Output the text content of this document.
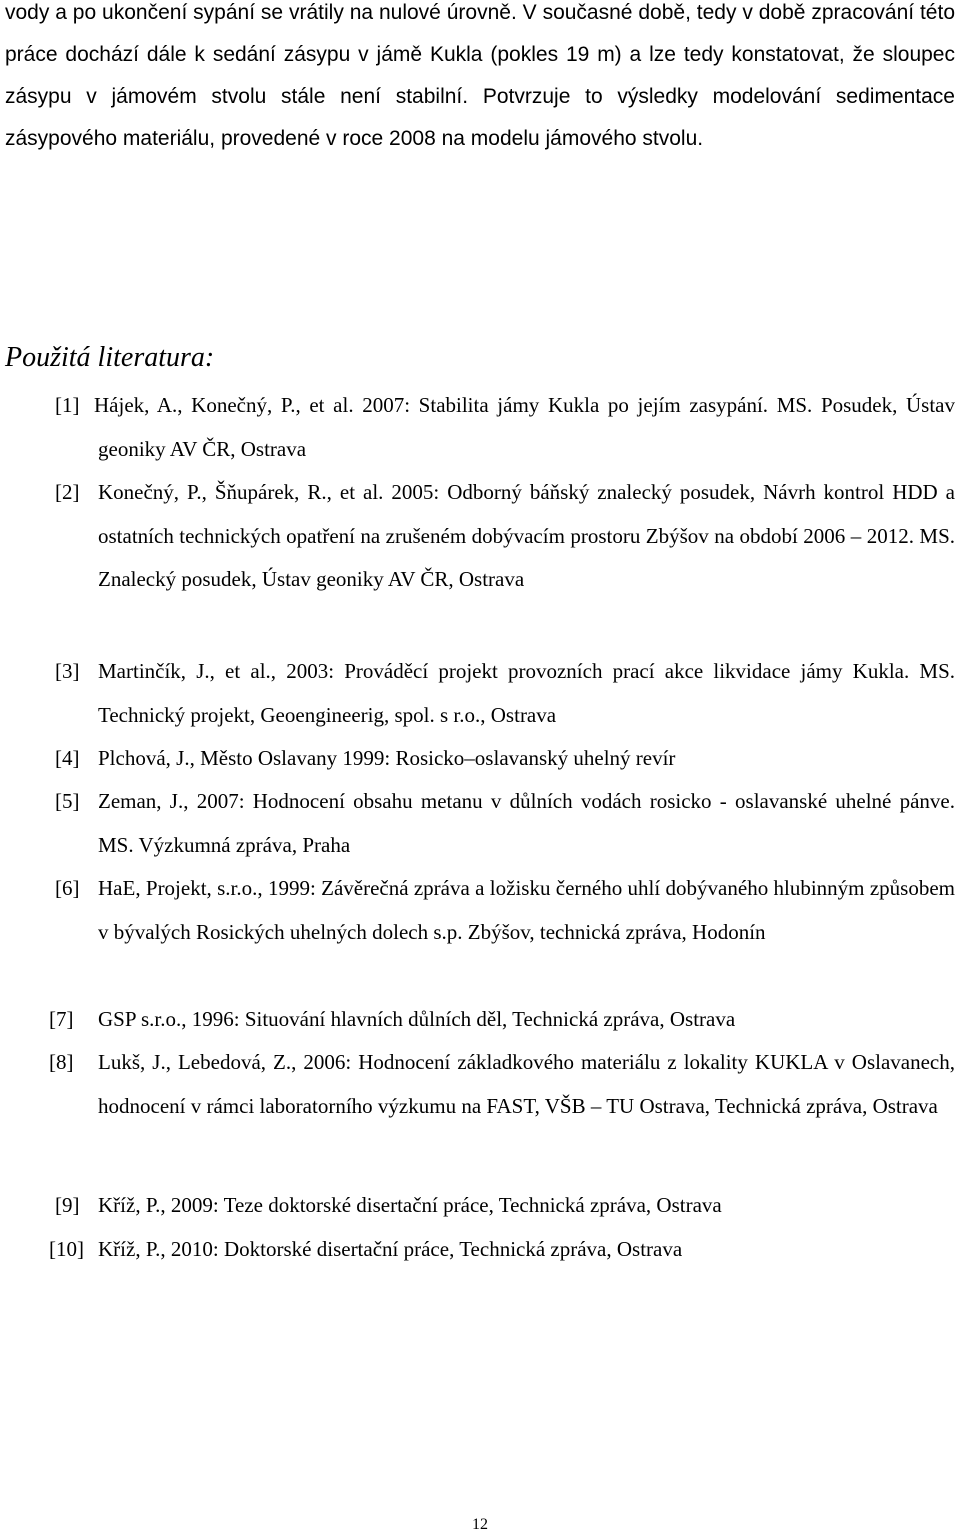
vody a po ukončení sypání se vrátily na nulové úrovně. V současné době, tedy v době zpracování této práce dochází dále k sedání zásypu v jámě Kukla (pokles 19 m) a lze tedy konstatovat, že sloupec zásypu v jámovém stvolu stále není stabilní. Potvrzuje to výsledky modelování sedimentace zásypového materiálu, provedené v roce 2008 na modelu jámového stvolu.

Použitá literatura:
[1] Hájek, A., Konečný, P., et al. 2007: Stabilita jámy Kukla po jejím zasypání. MS. Posudek, Ústav geoniky AV ČR, Ostrava
[2] Konečný, P., Šňupárek, R., et al. 2005: Odborný báňský znalecký posudek, Návrh kontrol HDD a ostatních technických opatření na zrušeném dobývacím prostoru Zbýšov na období 2006 – 2012. MS. Znalecký posudek, Ústav geoniky AV ČR, Ostrava
[3] Martinčík, J., et al., 2003: Prováděcí projekt provozních prací akce likvidace jámy Kukla. MS. Technický projekt, Geoengineerig, spol. s r.o., Ostrava
[4] Plchová, J., Město Oslavany 1999: Rosicko–oslavanský uhelný revír
[5] Zeman, J., 2007: Hodnocení obsahu metanu v důlních vodách rosicko - oslavanské uhelné pánve. MS. Výzkumná zpráva, Praha
[6] HaE, Projekt, s.r.o., 1999: Závěrečná zpráva a ložisku černého uhlí dobývaného hlubinným způsobem v bývalých Rosických uhelných dolech s.p. Zbýšov, technická zpráva, Hodonín
[7] GSP s.r.o., 1996: Situování hlavních důlních děl, Technická zpráva, Ostrava
[8] Lukš, J., Lebedová, Z., 2006: Hodnocení základkového materiálu z lokality KUKLA v Oslavanech, hodnocení v rámci laboratorního výzkumu na FAST, VŠB – TU Ostrava, Technická zpráva, Ostrava
[9] Kříž, P., 2009: Teze doktorské disertační práce, Technická zpráva, Ostrava
[10] Kříž, P., 2010: Doktorské disertační práce, Technická zpráva, Ostrava
12
